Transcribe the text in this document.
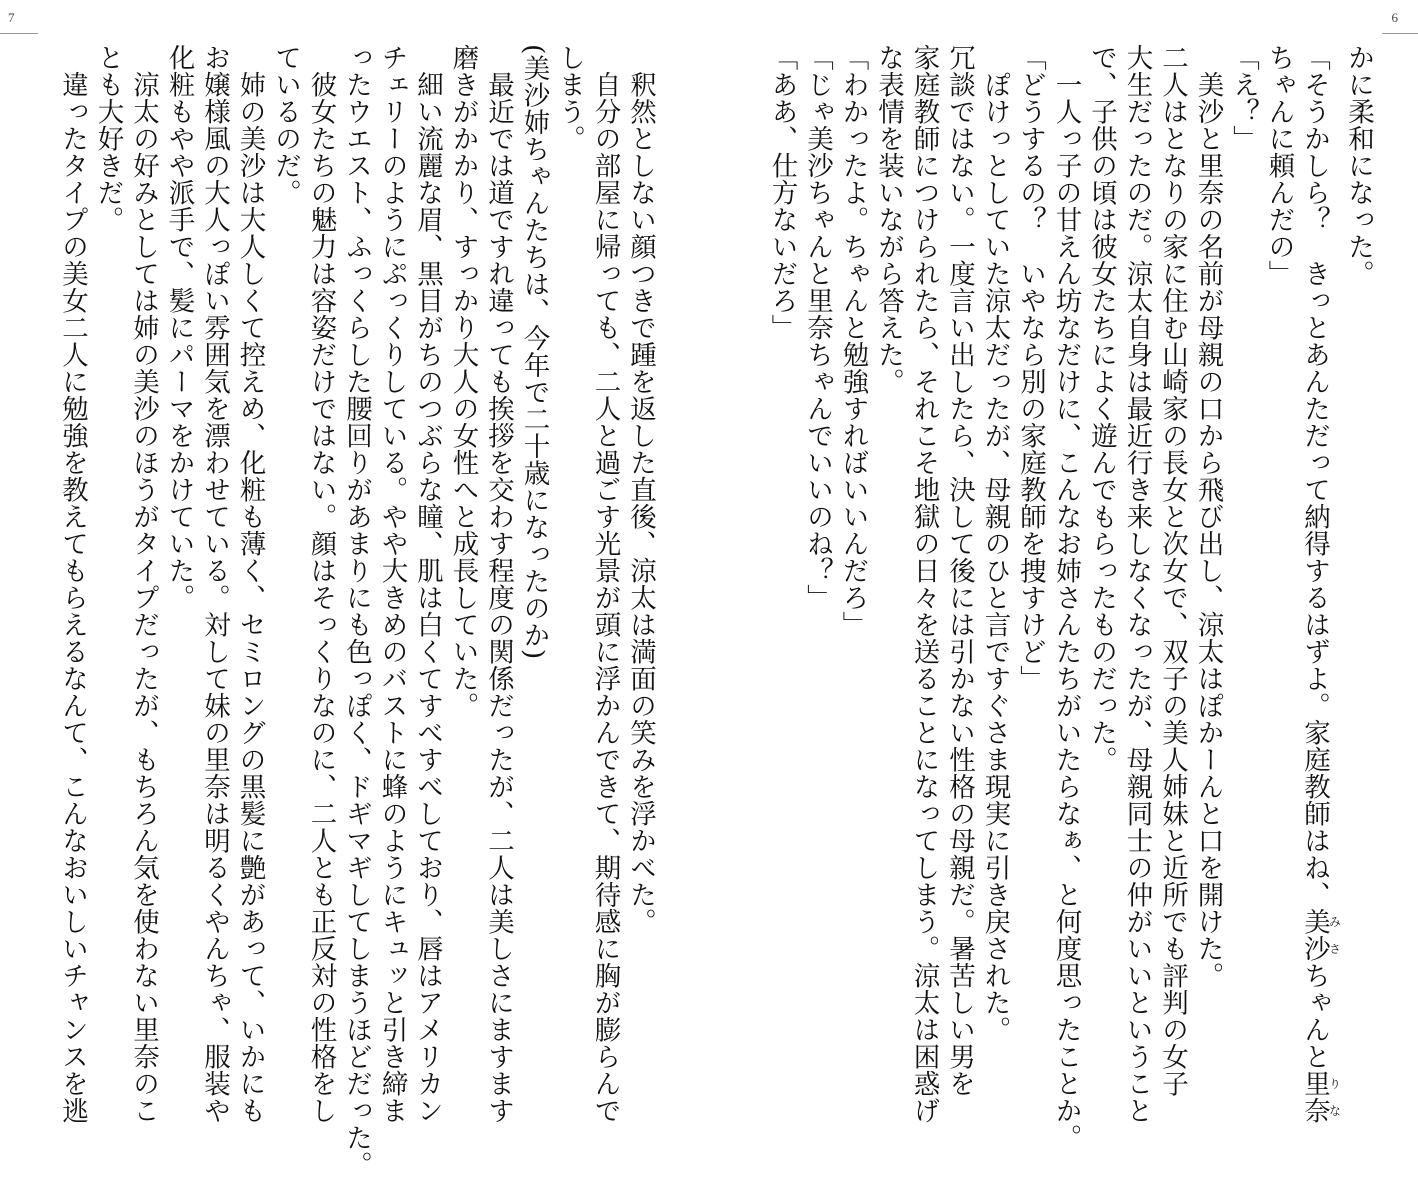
6
7
かに柔和になった。
「そうかしら？　きっとあんただって納得するはずよ。家庭教師はね、美沙みさちゃんと里奈りな
ちゃんに頼んだの」
「え？」
美沙と里奈の名前が母親の口から飛び出し、涼太はぽかーんと口を開けた。
二人はとなりの家に住む山崎家の長女と次女で、双子の美人姉妹と近所でも評判の女子
大生だったのだ。涼太自身は最近行き来しなくなったが、母親同士の仲がいいということ
で、子供の頃は彼女たちによく遊んでもらったものだった。
一人っ子の甘えん坊なだけに、こんなお姉さんたちがいたらなぁ、と何度思ったことか。
「どうするの？　いやなら別の家庭教師を捜すけど」
ぽけっとしていた涼太だったが、母親のひと言ですぐさま現実に引き戻された。
冗談ではない。一度言い出したら、決して後には引かない性格の母親だ。暑苦しい男を
家庭教師につけられたら、それこそ地獄の日々を送ることになってしまう。涼太は困惑げ
な表情を装いながら答えた。
「わかったよ。ちゃんと勉強すればいいんだろ」
「じゃ美沙ちゃんと里奈ちゃんでいいのね？」
「ああ、仕方ないだろ」
釈然としない顔つきで踵を返した直後、涼太は満面の笑みを浮かべた。
自分の部屋に帰っても、二人と過ごす光景が頭に浮かんできて、期待感に胸が膨らんで
しまう。
(美沙姉ちゃんたちは、今年で二十歳になったのか)
最近では道ですれ違っても挨拶を交わす程度の関係だったが、二人は美しさにますます
磨きがかかり、すっかり大人の女性へと成長していた。
細い流麗な眉、黒目がちのつぶらな瞳、肌は白くてすべすべしており、唇はアメリカン
チェリーのようにぷっくりしている。やや大きめのバストに蜂のようにキュッと引き締ま
ったウエスト、ふっくらした腰回りがあまりにも色っぽく、ドギマギしてしまうほどだった。
彼女たちの魅力は容姿だけではない。顔はそっくりなのに、二人とも正反対の性格をし
ているのだ。
姉の美沙は大人しくて控えめ、化粧も薄く、セミロングの黒髪に艶があって、いかにも
お嬢様風の大人っぽい雰囲気を漂わせている。対して妹の里奈は明るくやんちゃ、服装や
化粧もやや派手で、髪にパーマをかけていた。
涼太の好みとしては姉の美沙のほうがタイプだったが、もちろん気を使わない里奈のこ
とも大好きだ。
違ったタイプの美女二人に勉強を教えてもらえるなんて、こんなおいしいチャンスを逃
